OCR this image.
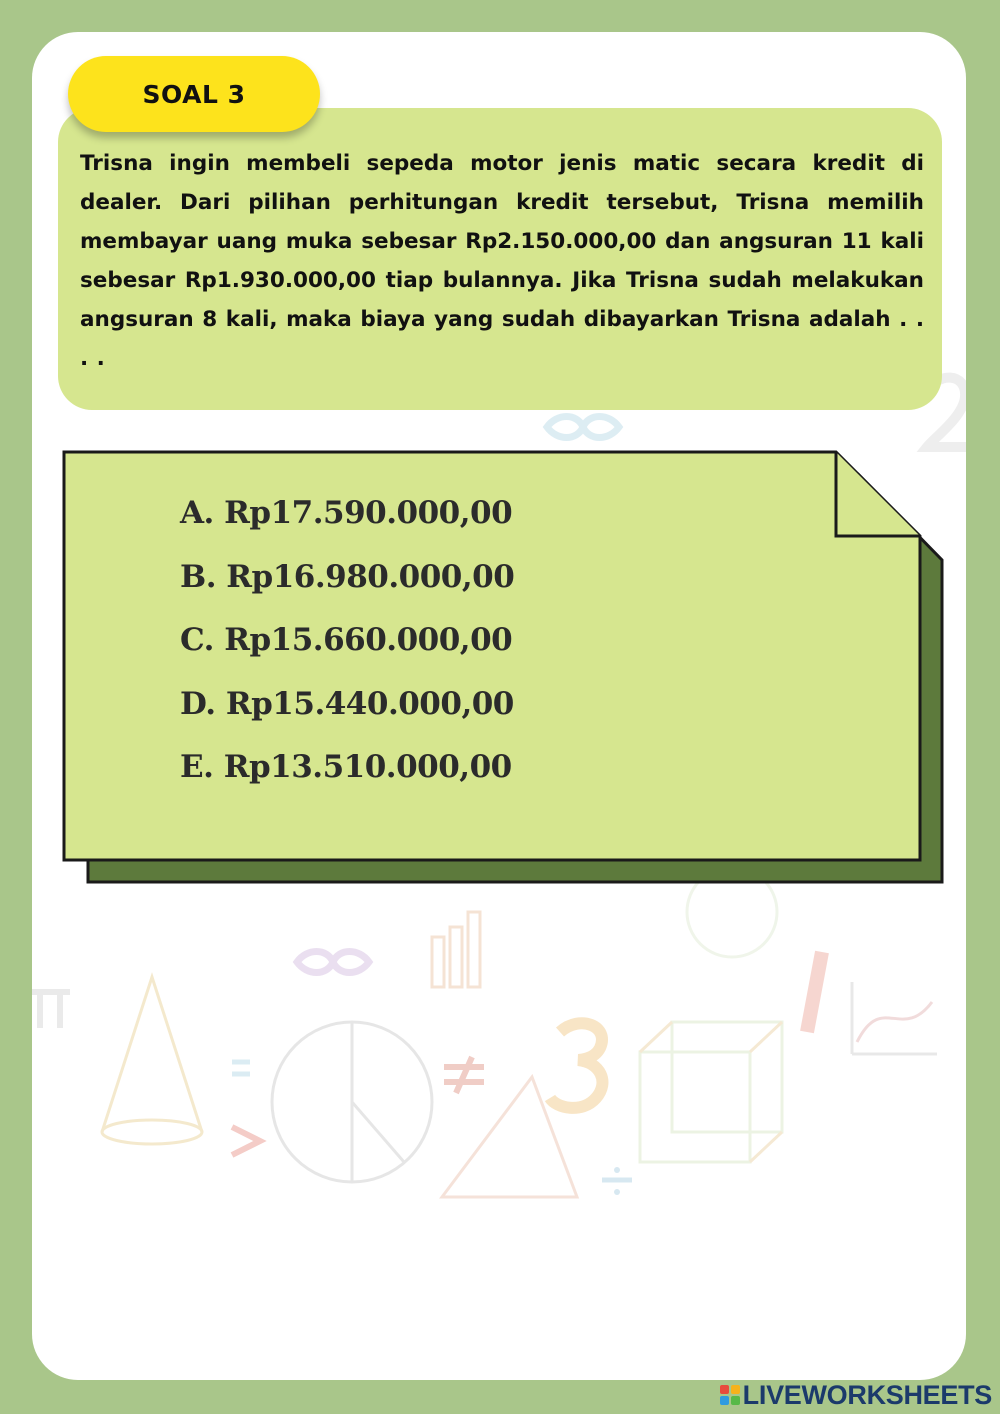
Trisna ingin membeli sepeda motor jenis matic secara kredit di dealer. Dari pilihan perhitungan kredit tersebut, Trisna memilih membayar uang muka sebesar Rp2.150.000,00 dan angsuran 11 kali sebesar Rp1.930.000,00 tiap bulannya. Jika Trisna sudah melakukan angsuran 8 kali, maka biaya yang sudah dibayarkan Trisna adalah . . . .

SOAL 3
A. Rp17.590.000,00
B. Rp16.980.000,00
C. Rp15.660.000,00
D. Rp15.440.000,00
E. Rp13.510.000,00
LIVEWORKSHEETS
